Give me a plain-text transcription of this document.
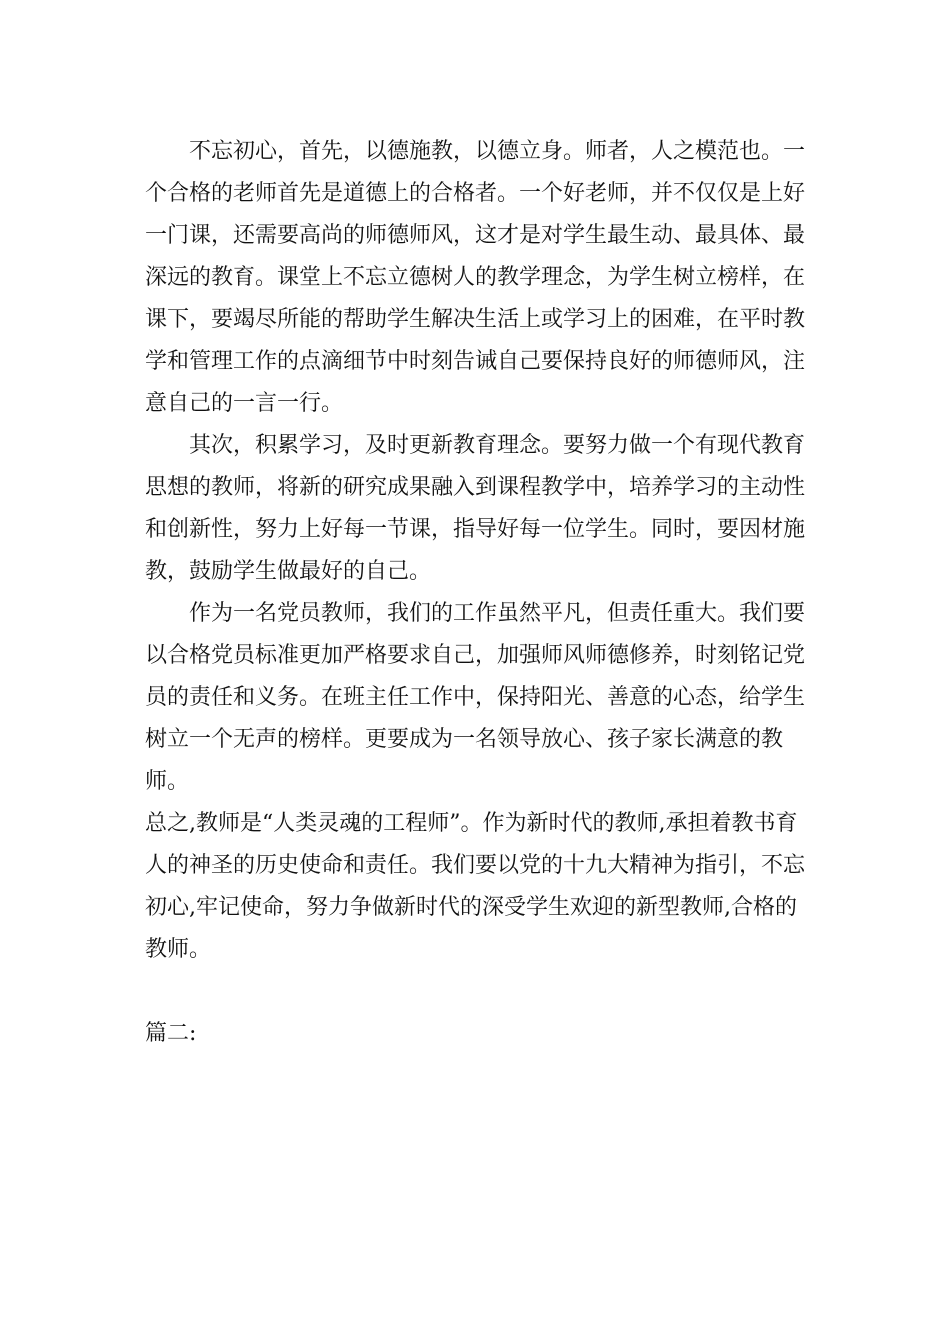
不忘初心，首先，以德施教，以德立身。师者，人之模范也。一个合格的老师首先是道德上的合格者。一个好老师，并不仅仅是上好一门课，还需要高尚的师德师风，这才是对学生最生动、最具体、最深远的教育。课堂上不忘立德树人的教学理念，为学生树立榜样，在课下，要竭尽所能的帮助学生解决生活上或学习上的困难，在平时教学和管理工作的点滴细节中时刻告诫自己要保持良好的师德师风，注意自己的一言一行。

其次，积累学习，及时更新教育理念。要努力做一个有现代教育思想的教师，将新的研究成果融入到课程教学中，培养学习的主动性和创新性，努力上好每一节课，指导好每一位学生。同时，要因材施教，鼓励学生做最好的自己。

作为一名党员教师，我们的工作虽然平凡，但责任重大。我们要以合格党员标准更加严格要求自己，加强师风师德修养，时刻铭记党员的责任和义务。在班主任工作中，保持阳光、善意的心态，给学生树立一个无声的榜样。更要成为一名领导放心、孩子家长满意的教师。

总之,教师是“人类灵魂的工程师”。作为新时代的教师,承担着教书育人的神圣的历史使命和责任。我们要以党的十九大精神为指引，不忘初心,牢记使命，努力争做新时代的深受学生欢迎的新型教师,合格的教师。

篇二:
